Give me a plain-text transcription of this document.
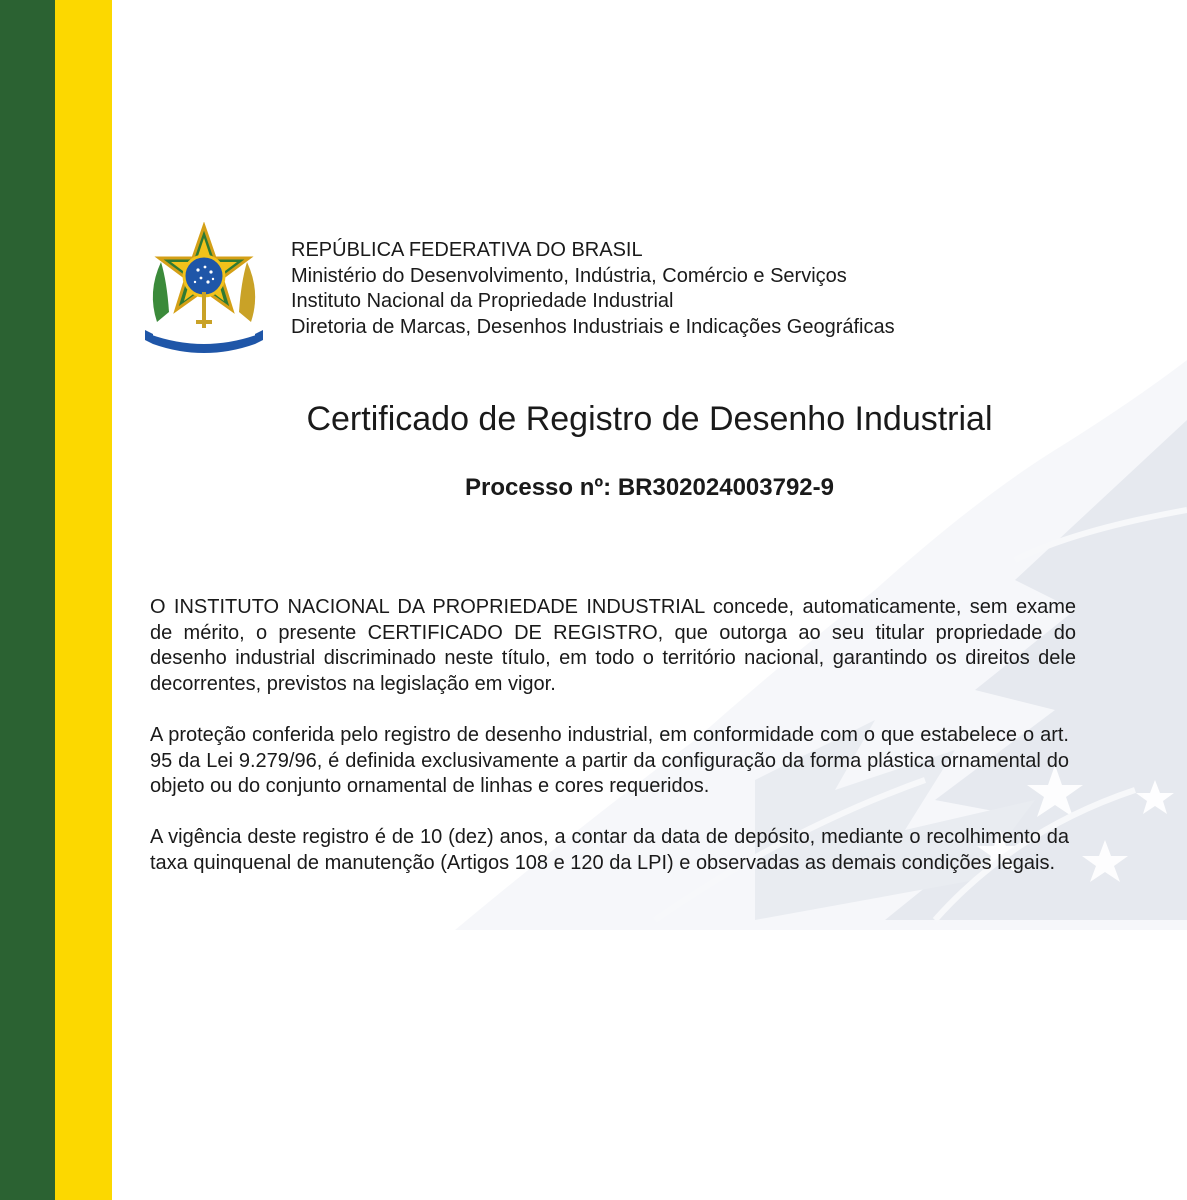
REPÚBLICA FEDERATIVA DO BRASIL
Ministério do Desenvolvimento, Indústria, Comércio e Serviços
Instituto Nacional da Propriedade Industrial
Diretoria de Marcas, Desenhos Industriais e Indicações Geográficas
Certificado de Registro de Desenho Industrial
Processo nº: BR302024003792-9
O INSTITUTO NACIONAL DA PROPRIEDADE INDUSTRIAL concede, automaticamente, sem exame de mérito, o presente CERTIFICADO DE REGISTRO, que outorga ao seu titular propriedade do desenho industrial discriminado neste título, em todo o território nacional, garantindo os direitos dele decorrentes, previstos na legislação em vigor.
A proteção conferida pelo registro de desenho industrial, em conformidade com o que estabelece o art. 95 da Lei 9.279/96, é definida exclusivamente a partir da configuração da forma plástica ornamental do objeto ou do conjunto ornamental de linhas e cores requeridos.
A vigência deste registro é de 10 (dez) anos, a contar da data de depósito, mediante o recolhimento da taxa quinquenal de manutenção (Artigos 108 e 120 da LPI) e observadas as demais condições legais.
